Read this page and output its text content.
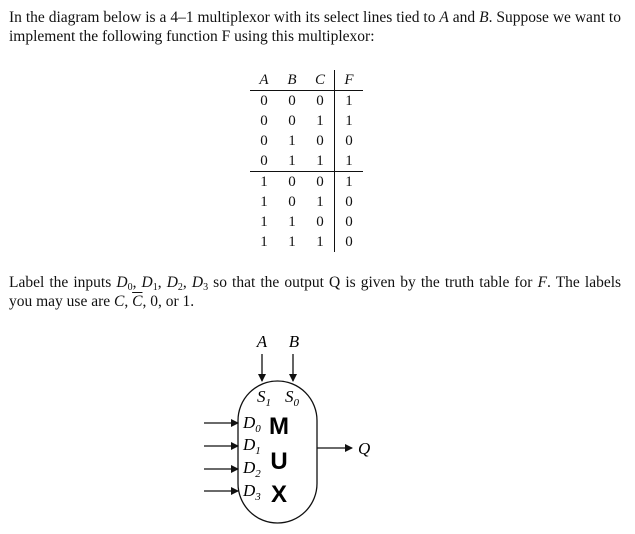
In the diagram below is a 4–1 multiplexor with its select lines tied to A and B. Suppose we want to implement the following function F using this multiplexor:
A	B	C	F
0	0	0	1
0	0	1	1
0	1	0	0
0	1	1	1
1	0	0	1
1	0	1	0
1	1	0	0
1	1	1	0
Label the inputs $D_0$, $D_1$, $D_2$, $D_3$ so that the output Q is given by the truth table for F. The labels you may use are C, $\overline{C}$, 0, or 1.
A B
$S_1$ $S_0$
$D_0$
$D_1$
$D_2$
$D_3$
M
U
X
Q
